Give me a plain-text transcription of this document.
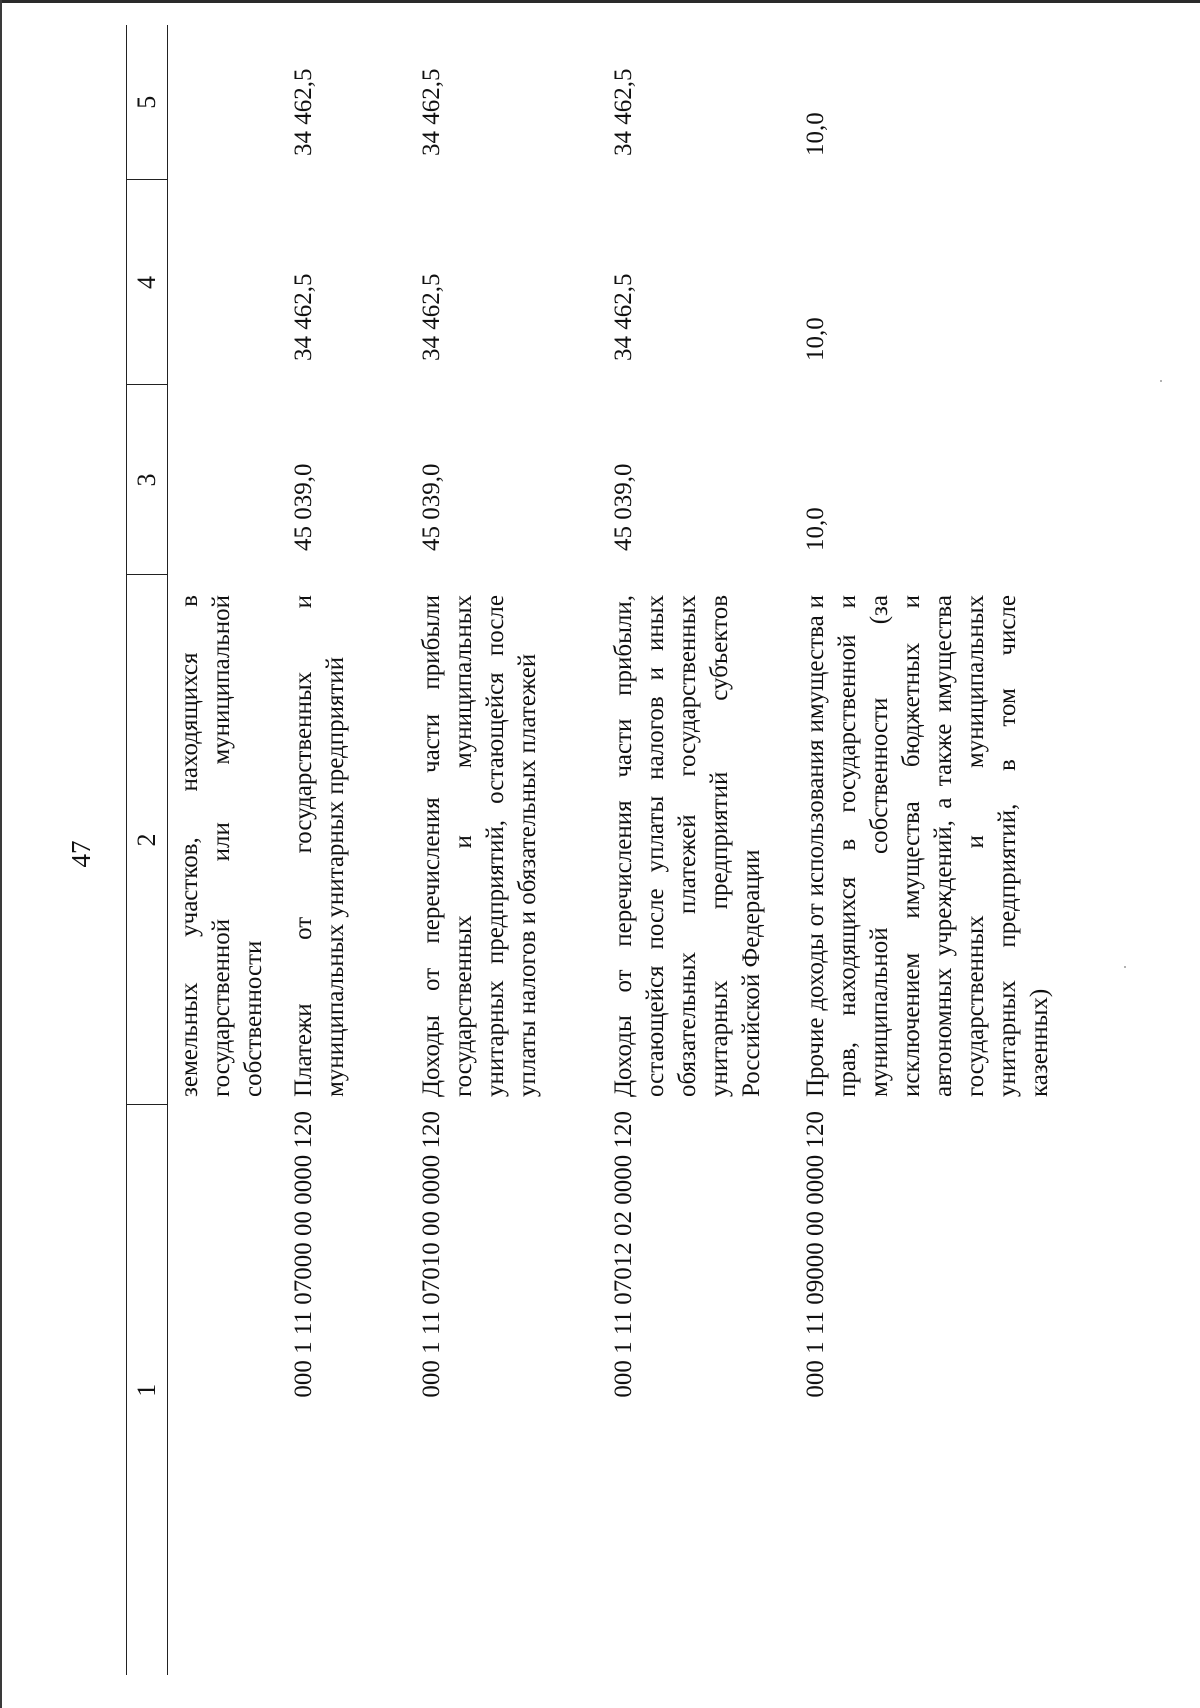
47
1	2	3	4	5
	земельных участков, находящихся в государственной или муниципальной собственности			
000 1 11 07000 00 0000 120	Платежи от государственных и муниципальных унитарных предприятий	45 039,0	34 462,5	34 462,5
000 1 11 07010 00 0000 120	Доходы от перечисления части прибыли государственных и муниципальных унитарных предприятий, остающейся после уплаты налогов и обязательных платежей	45 039,0	34 462,5	34 462,5
000 1 11 07012 02 0000 120	Доходы от перечисления части прибыли, остающейся после уплаты налогов и иных обязательных платежей государственных унитарных предприятий субъектов Российской Федерации	45 039,0	34 462,5	34 462,5
000 1 11 09000 00 0000 120	Прочие доходы от использования имущества и прав, находящихся в государственной и муниципальной собственности (за исключением имущества бюджетных и автономных учреждений, а также имущества государственных и муниципальных унитарных предприятий, в том числе казенных)	10,0	10,0	10,0
